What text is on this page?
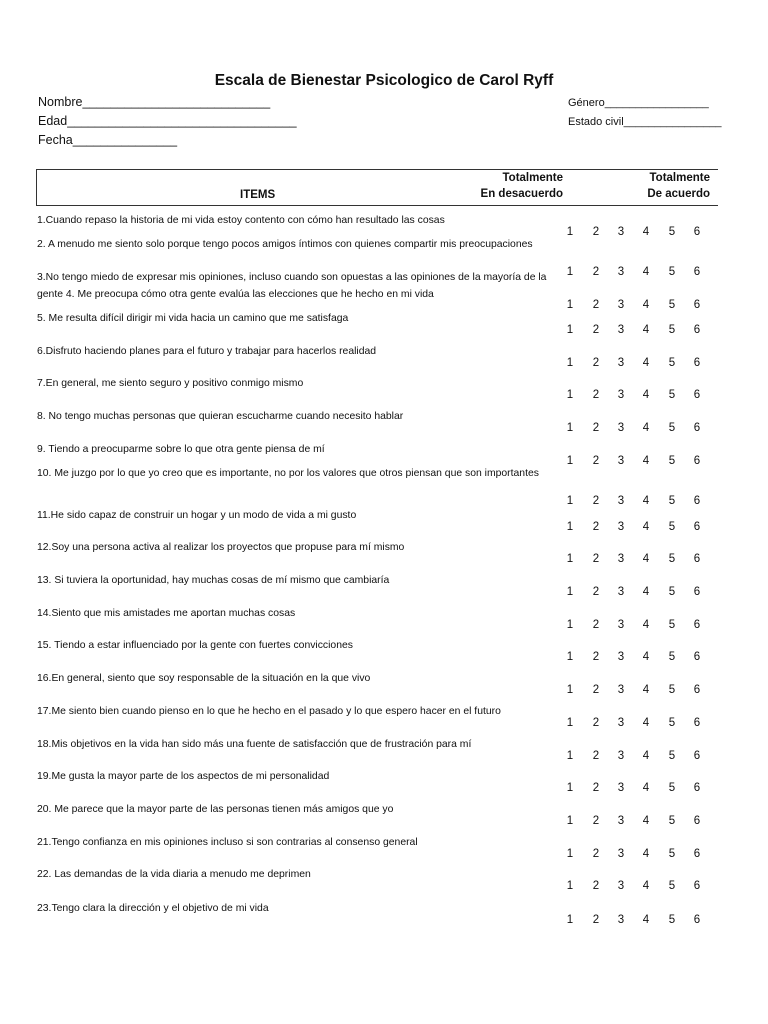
Escala de Bienestar Psicologico de Carol Ryff
Nombre___________________________
Edad_________________________________
Fecha_______________
Género_________________
Estado civil________________
ITEMS
Totalmente
En desacuerdo
Totalmente
De acuerdo
1.Cuando repaso la historia de mi vida estoy contento con cómo han resultado las cosas
1	2	3	4	5	6
2. A menudo me siento solo porque tengo pocos amigos íntimos con quienes compartir mis preocupaciones
1	2	3	4	5	6
3.No tengo miedo de expresar mis opiniones, incluso cuando son opuestas a las opiniones de la mayoría de la gente 4. Me preocupa cómo otra gente evalúa las elecciones que he hecho en mi vida
1	2	3	4	5	6
5. Me resulta difícil dirigir mi vida hacia un camino que me satisfaga
1	2	3	4	5	6
6.Disfruto haciendo planes para el futuro y trabajar para hacerlos realidad
1	2	3	4	5	6
7.En general, me siento seguro y positivo conmigo mismo
1	2	3	4	5	6
8. No tengo muchas personas que quieran escucharme cuando necesito hablar
1	2	3	4	5	6
9. Tiendo a preocuparme sobre lo que otra gente piensa de mí
1	2	3	4	5	6
10. Me juzgo por lo que yo creo que es importante, no por los valores que otros piensan que son importantes
1	2	3	4	5	6
11.He sido capaz de construir un hogar y un modo de vida a mi gusto
1	2	3	4	5	6
12.Soy una persona activa al realizar los proyectos que propuse para mí mismo
1	2	3	4	5	6
13. Si tuviera la oportunidad, hay muchas cosas de mí mismo que cambiaría
1	2	3	4	5	6
14.Siento que mis amistades me aportan muchas cosas
1	2	3	4	5	6
15. Tiendo a estar influenciado por la gente con fuertes convicciones
1	2	3	4	5	6
16.En general, siento que soy responsable de la situación en la que vivo
1	2	3	4	5	6
17.Me siento bien cuando pienso en lo que he hecho en el pasado y lo que espero hacer en el futuro
1	2	3	4	5	6
18.Mis objetivos en la vida han sido más una fuente de satisfacción que de frustración para mí
1	2	3	4	5	6
19.Me gusta la mayor parte de los aspectos de mi personalidad
1	2	3	4	5	6
20. Me parece que la mayor parte de las personas tienen más amigos que yo
1	2	3	4	5	6
21.Tengo confianza en mis opiniones incluso si son contrarias al consenso general
1	2	3	4	5	6
22. Las demandas de la vida diaria a menudo me deprimen
1	2	3	4	5	6
23.Tengo clara la dirección y el objetivo de mi vida
1	2	3	4	5	6
